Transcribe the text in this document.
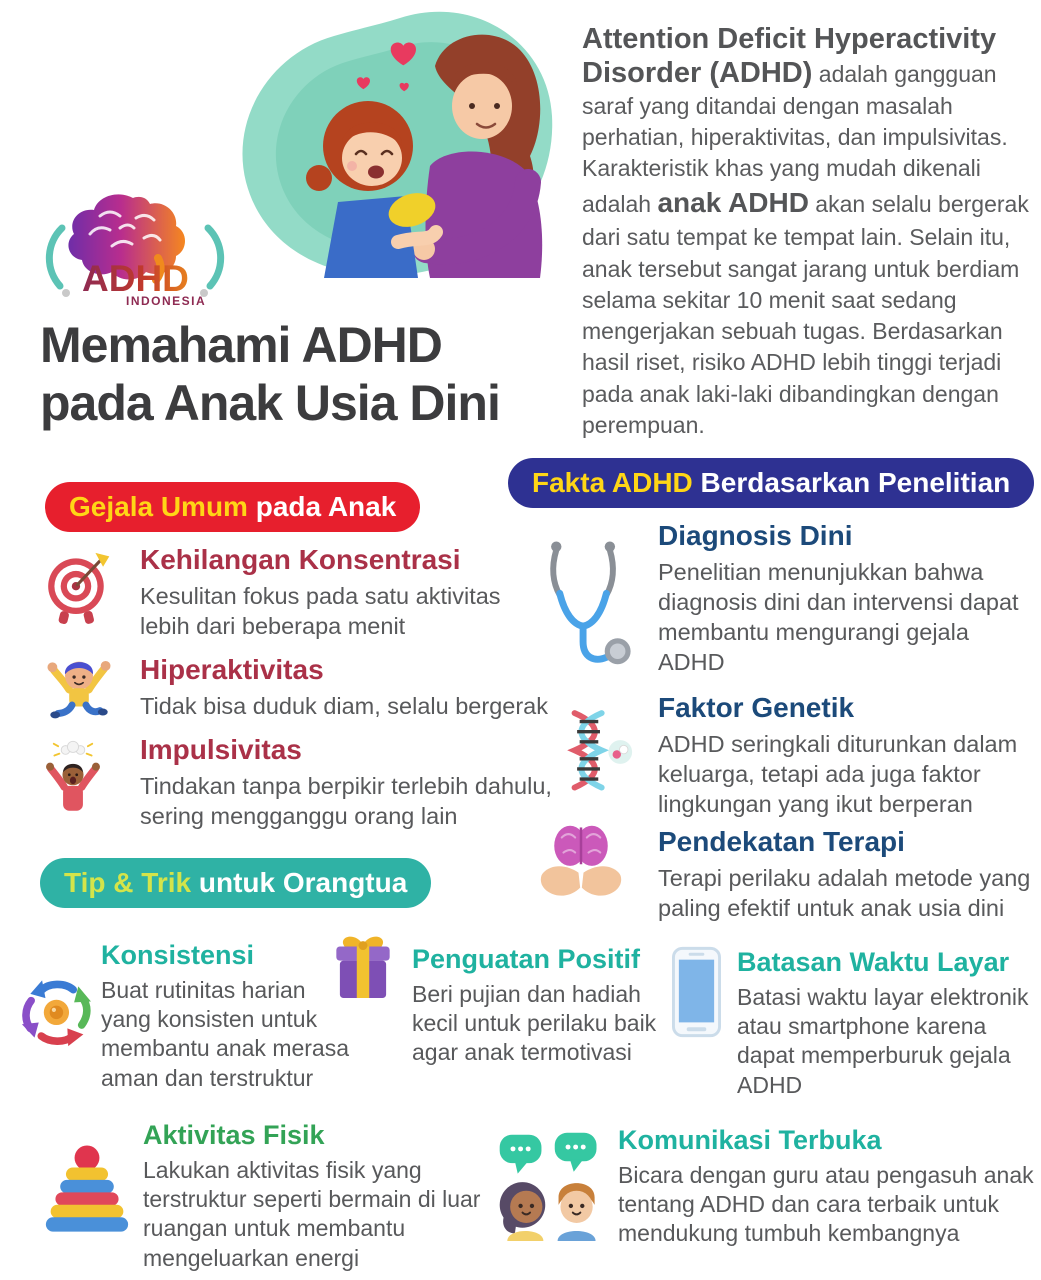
ADHD
INDONESIA
Attention Deficit Hyperactivity Disorder (ADHD) adalah gangguan saraf yang ditandai dengan masalah perhatian, hiperaktivitas, dan impulsivitas. Karakteristik khas yang mudah dikenali adalah anak ADHD akan selalu bergerak dari satu tempat ke tempat lain. Selain itu, anak tersebut sangat jarang untuk berdiam selama sekitar 10 menit saat sedang mengerjakan sebuah tugas. Berdasarkan hasil riset, risiko ADHD lebih tinggi terjadi pada anak laki-laki dibandingkan dengan perempuan.
Memahami ADHD
pada Anak Usia Dini
Gejala Umum pada Anak
Fakta ADHD Berdasarkan Penelitian
Tip & Trik untuk Orangtua
Kehilangan Konsentrasi
Kesulitan fokus pada satu aktivitas lebih dari beberapa menit
Hiperaktivitas
Tidak bisa duduk diam, selalu bergerak
Impulsivitas
Tindakan tanpa berpikir terlebih dahulu, sering mengganggu orang lain
Diagnosis Dini
Penelitian menunjukkan bahwa diagnosis dini dan intervensi dapat membantu mengurangi gejala ADHD
Faktor Genetik
ADHD seringkali diturunkan dalam keluarga, tetapi ada juga faktor lingkungan yang ikut berperan
Pendekatan Terapi
Terapi perilaku adalah metode yang paling efektif untuk anak usia dini
Konsistensi
Buat rutinitas harian yang konsisten untuk membantu anak merasa aman dan terstruktur
Penguatan Positif
Beri pujian dan hadiah kecil untuk perilaku baik agar anak termotivasi
Batasan Waktu Layar
Batasi waktu layar elektronik atau smartphone karena dapat memperburuk gejala ADHD
Aktivitas Fisik
Lakukan aktivitas fisik yang terstruktur seperti bermain di luar ruangan untuk membantu mengeluarkan energi
Komunikasi Terbuka
Bicara dengan guru atau pengasuh anak tentang ADHD dan cara terbaik untuk mendukung tumbuh kembangnya
